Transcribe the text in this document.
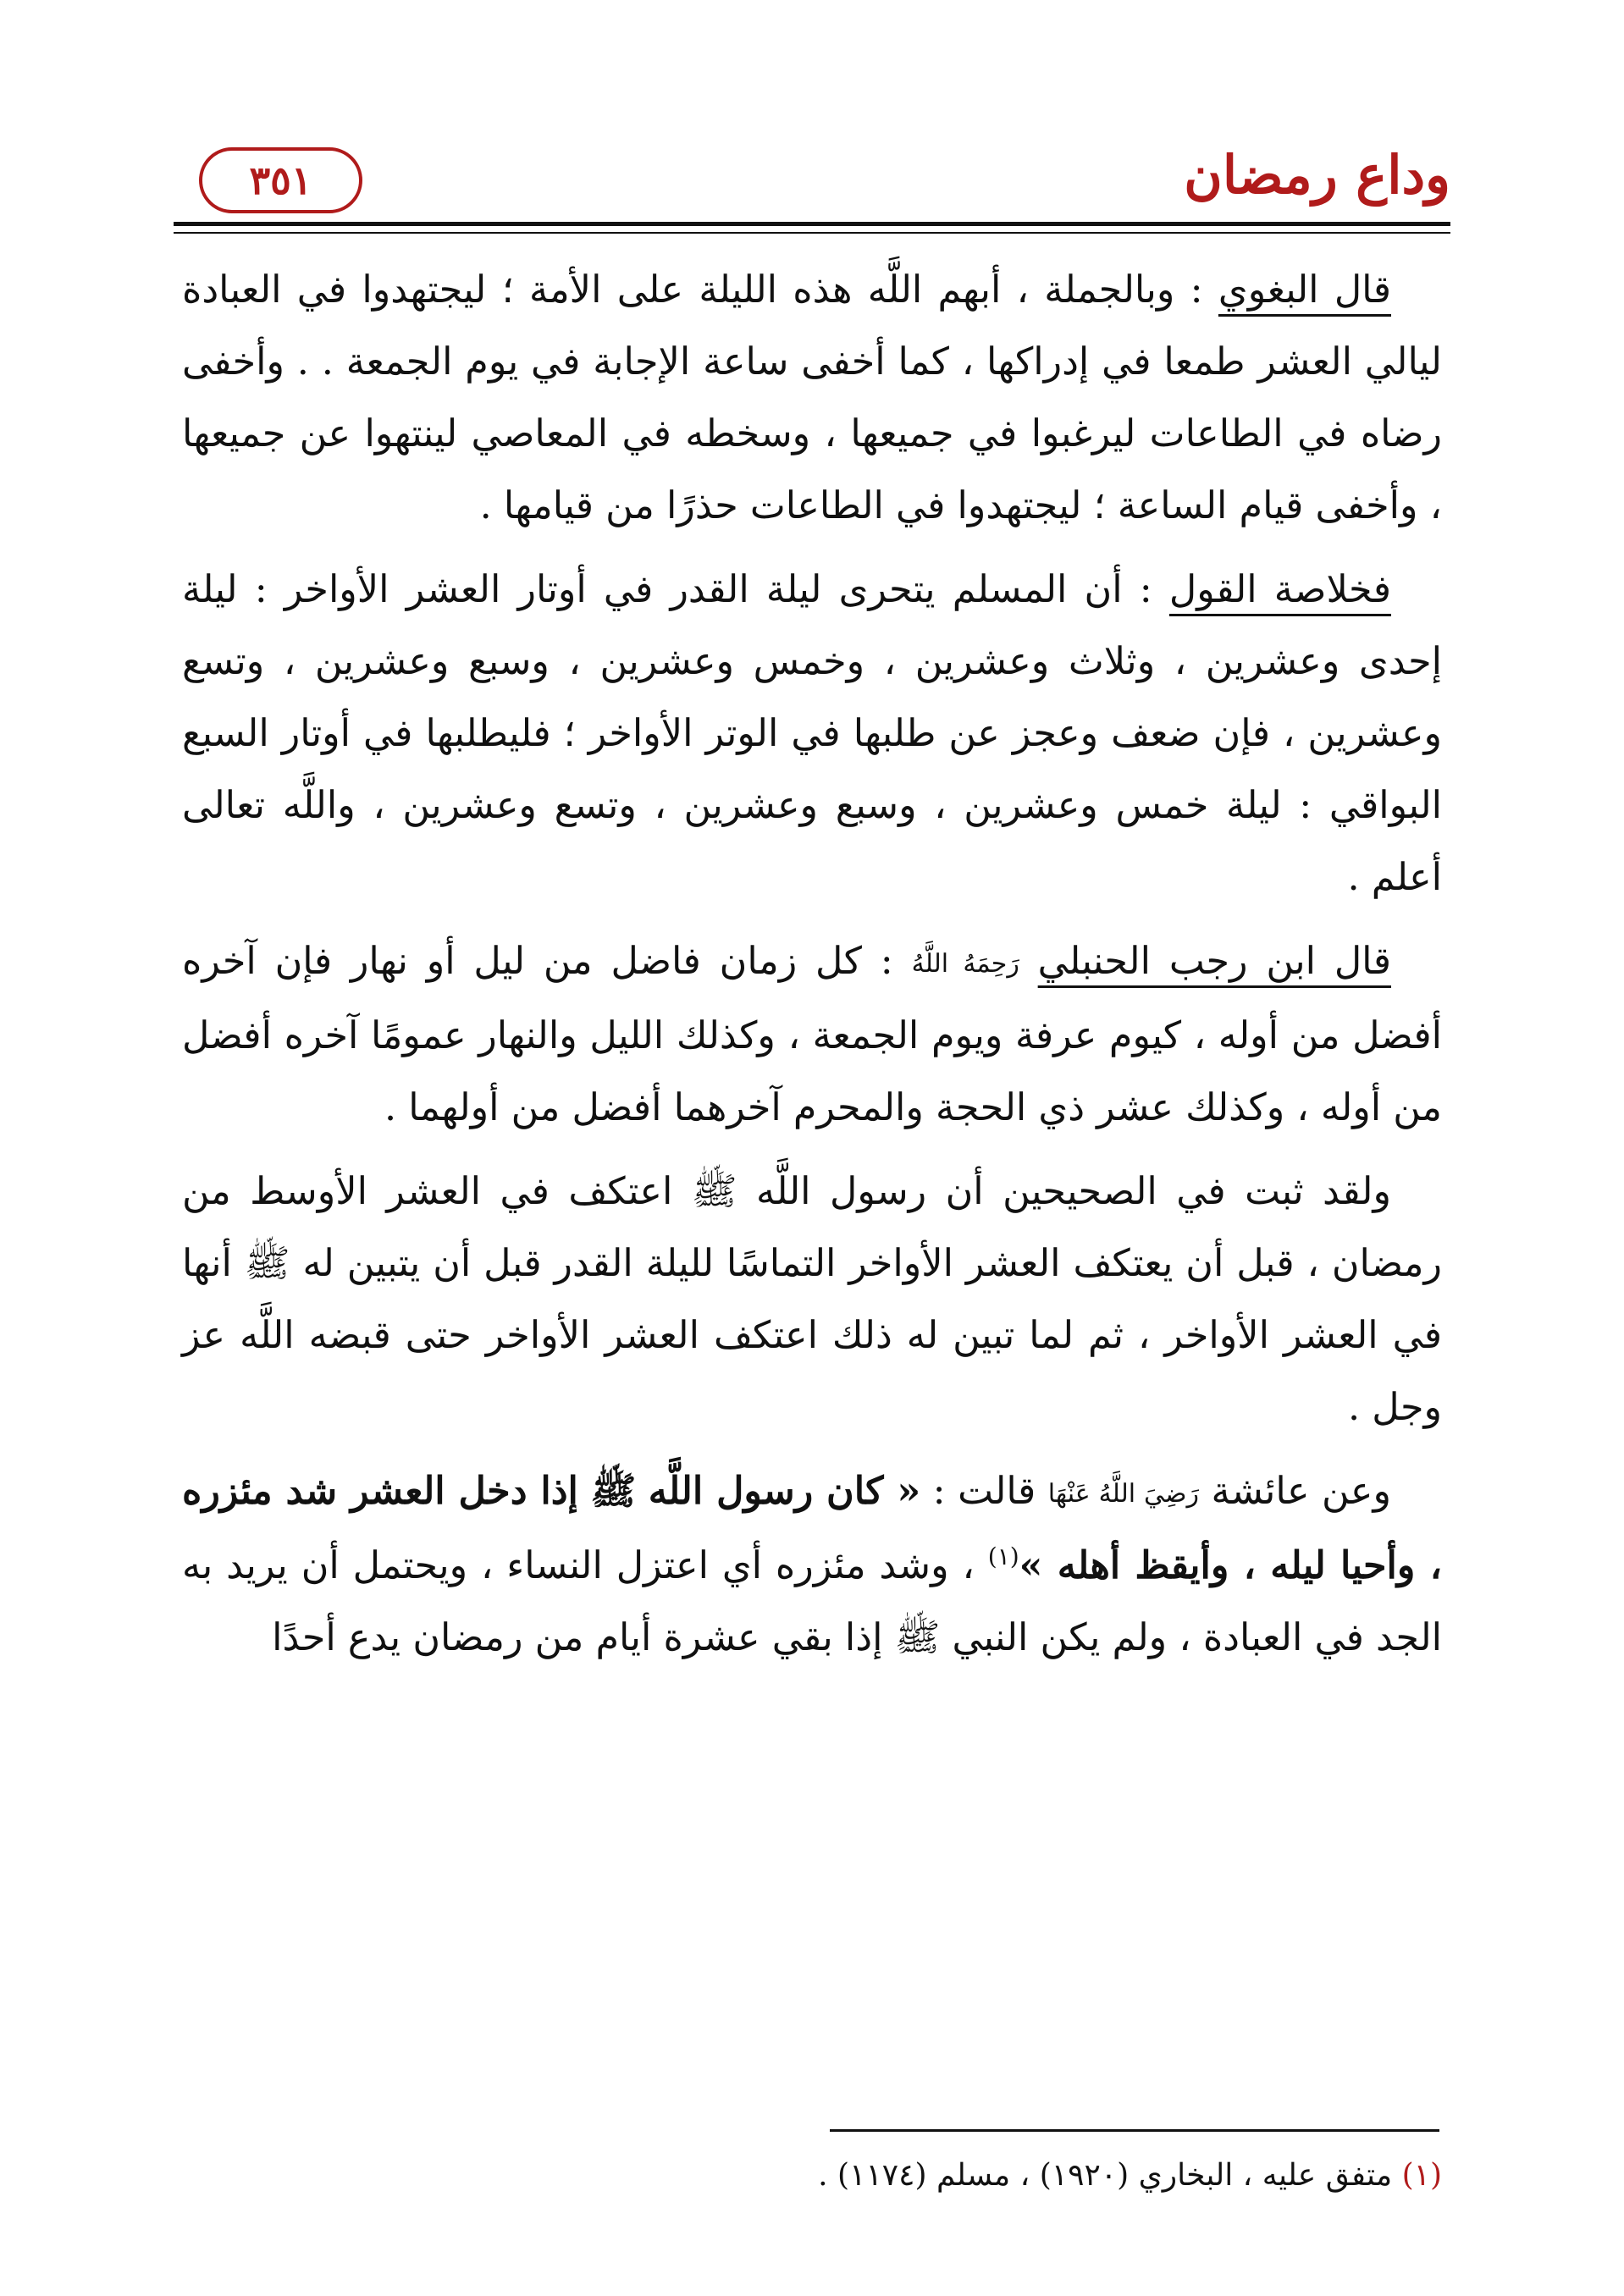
وداع رمضان
٣٥١

قال البغوي : وبالجملة ، أبهم اللَّه هذه الليلة على الأمة ؛ ليجتهدوا في العبادة ليالي العشر طمعا في إدراكها ، كما أخفى ساعة الإجابة في يوم الجمعة . . وأخفى رضاه في الطاعات ليرغبوا في جميعها ، وسخطه في المعاصي لينتهوا عن جميعها ، وأخفى قيام الساعة ؛ ليجتهدوا في الطاعات حذرًا من قيامها .

فخلاصة القول : أن المسلم يتحرى ليلة القدر في أوتار العشر الأواخر : ليلة إحدى وعشرين ، وثلاث وعشرين ، وخمس وعشرين ، وسبع وعشرين ، وتسع وعشرين ، فإن ضعف وعجز عن طلبها في الوتر الأواخر ؛ فليطلبها في أوتار السبع البواقي : ليلة خمس وعشرين ، وسبع وعشرين ، وتسع وعشرين ، واللَّه تعالى أعلم .

قال ابن رجب الحنبلي رَحِمَهُ اللَّهُ : كل زمان فاضل من ليل أو نهار فإن آخره أفضل من أوله ، كيوم عرفة ويوم الجمعة ، وكذلك الليل والنهار عمومًا آخره أفضل من أوله ، وكذلك عشر ذي الحجة والمحرم آخرهما أفضل من أولهما .

ولقد ثبت في الصحيحين أن رسول اللَّه ﷺ اعتكف في العشر الأوسط من رمضان ، قبل أن يعتكف العشر الأواخر التماسًا لليلة القدر قبل أن يتبين له ﷺ أنها في العشر الأواخر ، ثم لما تبين له ذلك اعتكف العشر الأواخر حتى قبضه اللَّه عز وجل .

وعن عائشة رَضِيَ اللَّهُ عَنْهَا قالت : « كان رسول اللَّه ﷺ إذا دخل العشر شد مئزره ، وأحيا ليله ، وأيقظ أهله »$^{(١)}$ ، وشد مئزره أي اعتزل النساء ، ويحتمل أن يريد به الجد في العبادة ، ولم يكن النبي ﷺ إذا بقي عشرة أيام من رمضان يدع أحدًا

(١) متفق عليه ، البخاري (١٩٢٠) ، مسلم (١١٧٤) .
